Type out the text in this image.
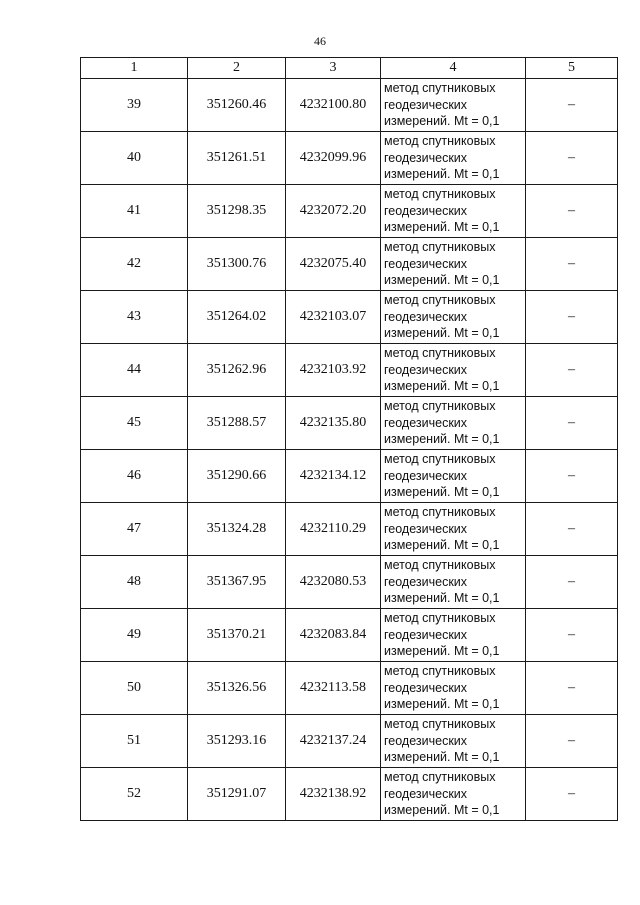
46
1	2	3	4	5
39	351260.46	4232100.80	метод спутниковых
геодезических
измерений. Mt = 0,1	–
40	351261.51	4232099.96	метод спутниковых
геодезических
измерений. Mt = 0,1	–
41	351298.35	4232072.20	метод спутниковых
геодезических
измерений. Mt = 0,1	–
42	351300.76	4232075.40	метод спутниковых
геодезических
измерений. Mt = 0,1	–
43	351264.02	4232103.07	метод спутниковых
геодезических
измерений. Mt = 0,1	–
44	351262.96	4232103.92	метод спутниковых
геодезических
измерений. Mt = 0,1	–
45	351288.57	4232135.80	метод спутниковых
геодезических
измерений. Mt = 0,1	–
46	351290.66	4232134.12	метод спутниковых
геодезических
измерений. Mt = 0,1	–
47	351324.28	4232110.29	метод спутниковых
геодезических
измерений. Mt = 0,1	–
48	351367.95	4232080.53	метод спутниковых
геодезических
измерений. Mt = 0,1	–
49	351370.21	4232083.84	метод спутниковых
геодезических
измерений. Mt = 0,1	–
50	351326.56	4232113.58	метод спутниковых
геодезических
измерений. Mt = 0,1	–
51	351293.16	4232137.24	метод спутниковых
геодезических
измерений. Mt = 0,1	–
52	351291.07	4232138.92	метод спутниковых
геодезических
измерений. Mt = 0,1	–
